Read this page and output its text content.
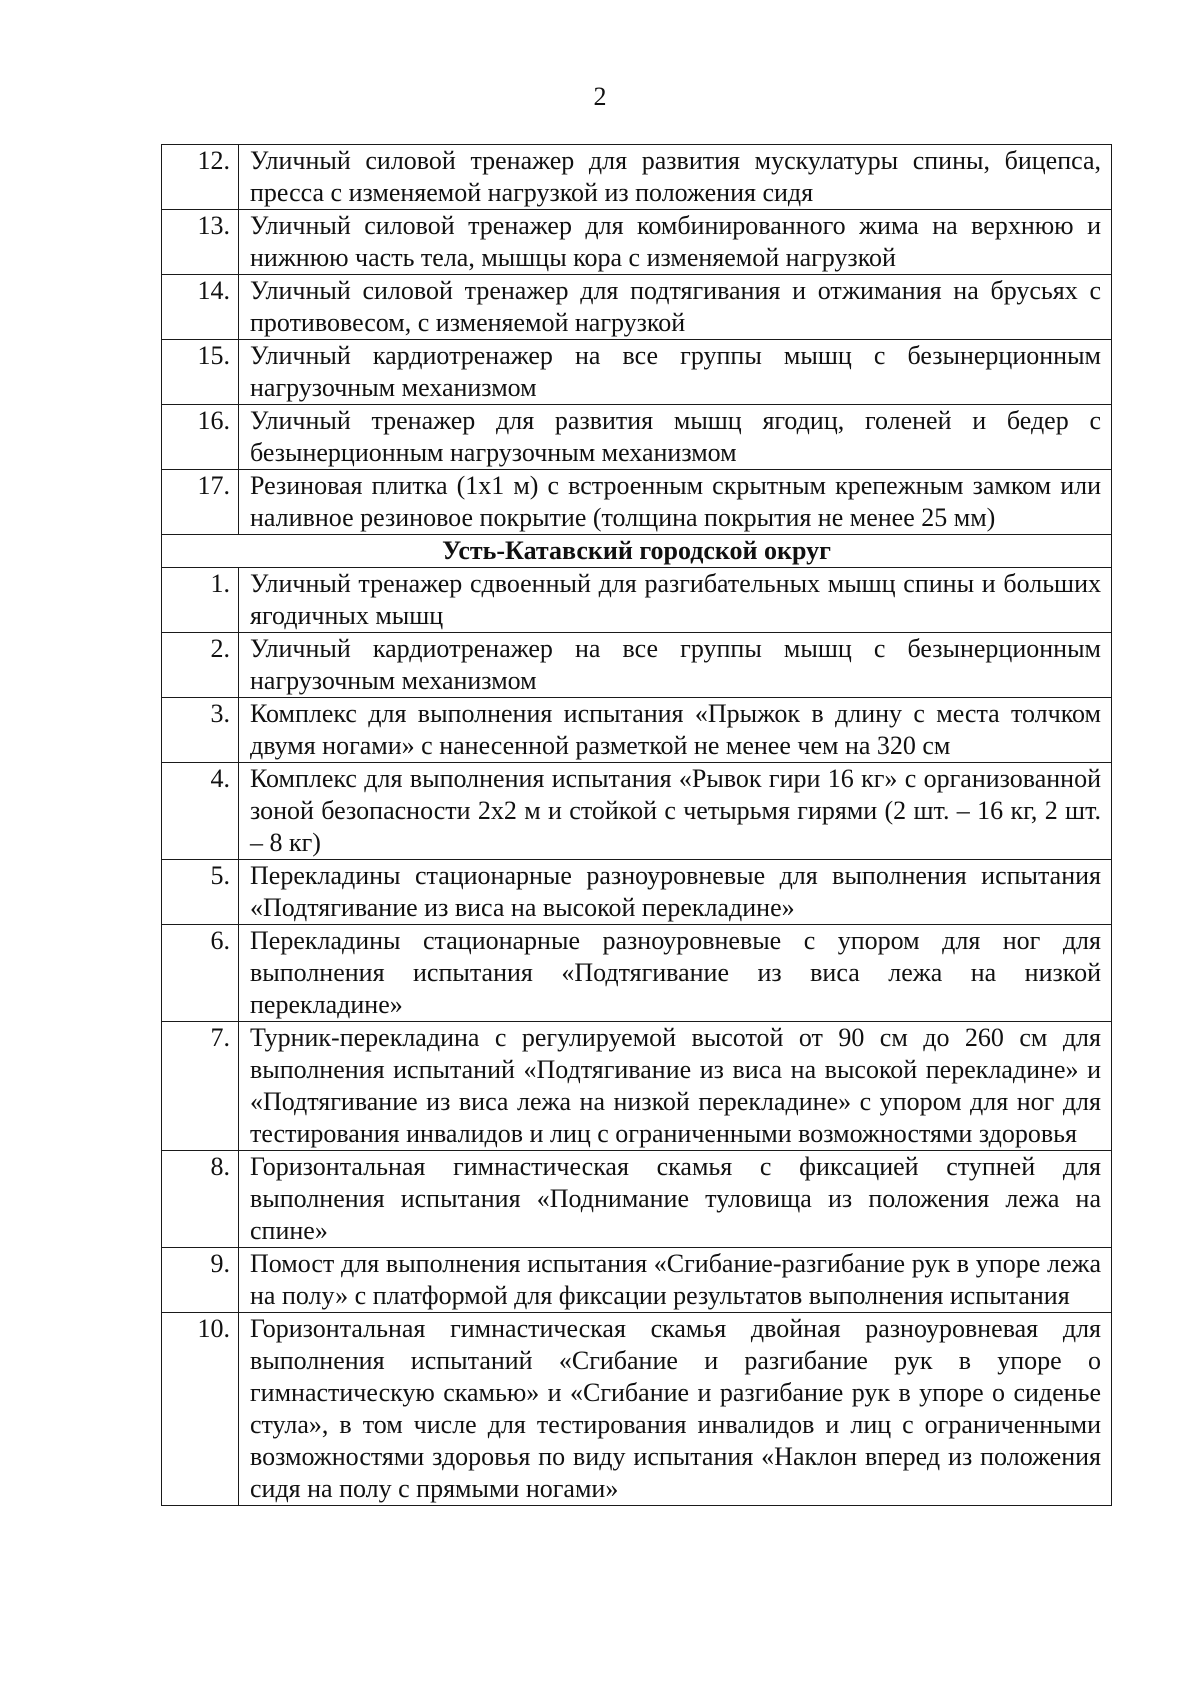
2
12.	Уличный силовой тренажер для развития мускулатуры спины, бицепса, пресса с изменяемой нагрузкой из положения сидя
13.	Уличный силовой тренажер для комбинированного жима на верхнюю и нижнюю часть тела, мышцы кора с изменяемой нагрузкой
14.	Уличный силовой тренажер для подтягивания и отжимания на брусьях с противовесом, с изменяемой нагрузкой
15.	Уличный кардиотренажер на все группы мышц с безынерционным нагрузочным механизмом
16.	Уличный тренажер для развития мышц ягодиц, голеней и бедер с безынерционным нагрузочным механизмом
17.	Резиновая плитка (1х1 м) с встроенным скрытным крепежным замком или наливное резиновое покрытие (толщина покрытия не менее 25 мм)
Усть-Катавский городской округ	
1.	Уличный тренажер сдвоенный для разгибательных мышц спины и больших ягодичных мышц
2.	Уличный кардиотренажер на все группы мышц с безынерционным нагрузочным механизмом
3.	Комплекс для выполнения испытания «Прыжок в длину с места толчком двумя ногами» с нанесенной разметкой не менее чем на 320 см
4.	Комплекс для выполнения испытания «Рывок гири 16 кг» с организованной зоной безопасности 2х2 м и стойкой с четырьмя гирями (2 шт. – 16 кг, 2 шт. – 8 кг)
5.	Перекладины стационарные разноуровневые для выполнения испытания «Подтягивание из виса на высокой перекладине»
6.	Перекладины стационарные разноуровневые с упором для ног для выполнения испытания «Подтягивание из виса лежа на низкой перекладине»
7.	Турник-перекладина с регулируемой высотой от 90 см до 260 см для выполнения испытаний «Подтягивание из виса на высокой перекладине» и «Подтягивание из виса лежа на низкой перекладине» с упором для ног для тестирования инвалидов и лиц с ограниченными возможностями здоровья
8.	Горизонтальная гимнастическая скамья с фиксацией ступней для выполнения испытания «Поднимание туловища из положения лежа на спине»
9.	Помост для выполнения испытания «Сгибание-разгибание рук в упоре лежа на полу» с платформой для фиксации результатов выполнения испытания
10.	Горизонтальная гимнастическая скамья двойная разноуровневая для выполнения испытаний «Сгибание и разгибание рук в упоре о гимнастическую скамью» и «Сгибание и разгибание рук в упоре о сиденье стула», в том числе для тестирования инвалидов и лиц с ограниченными возможностями здоровья по виду испытания «Наклон вперед из положения сидя на полу с прямыми ногами»
